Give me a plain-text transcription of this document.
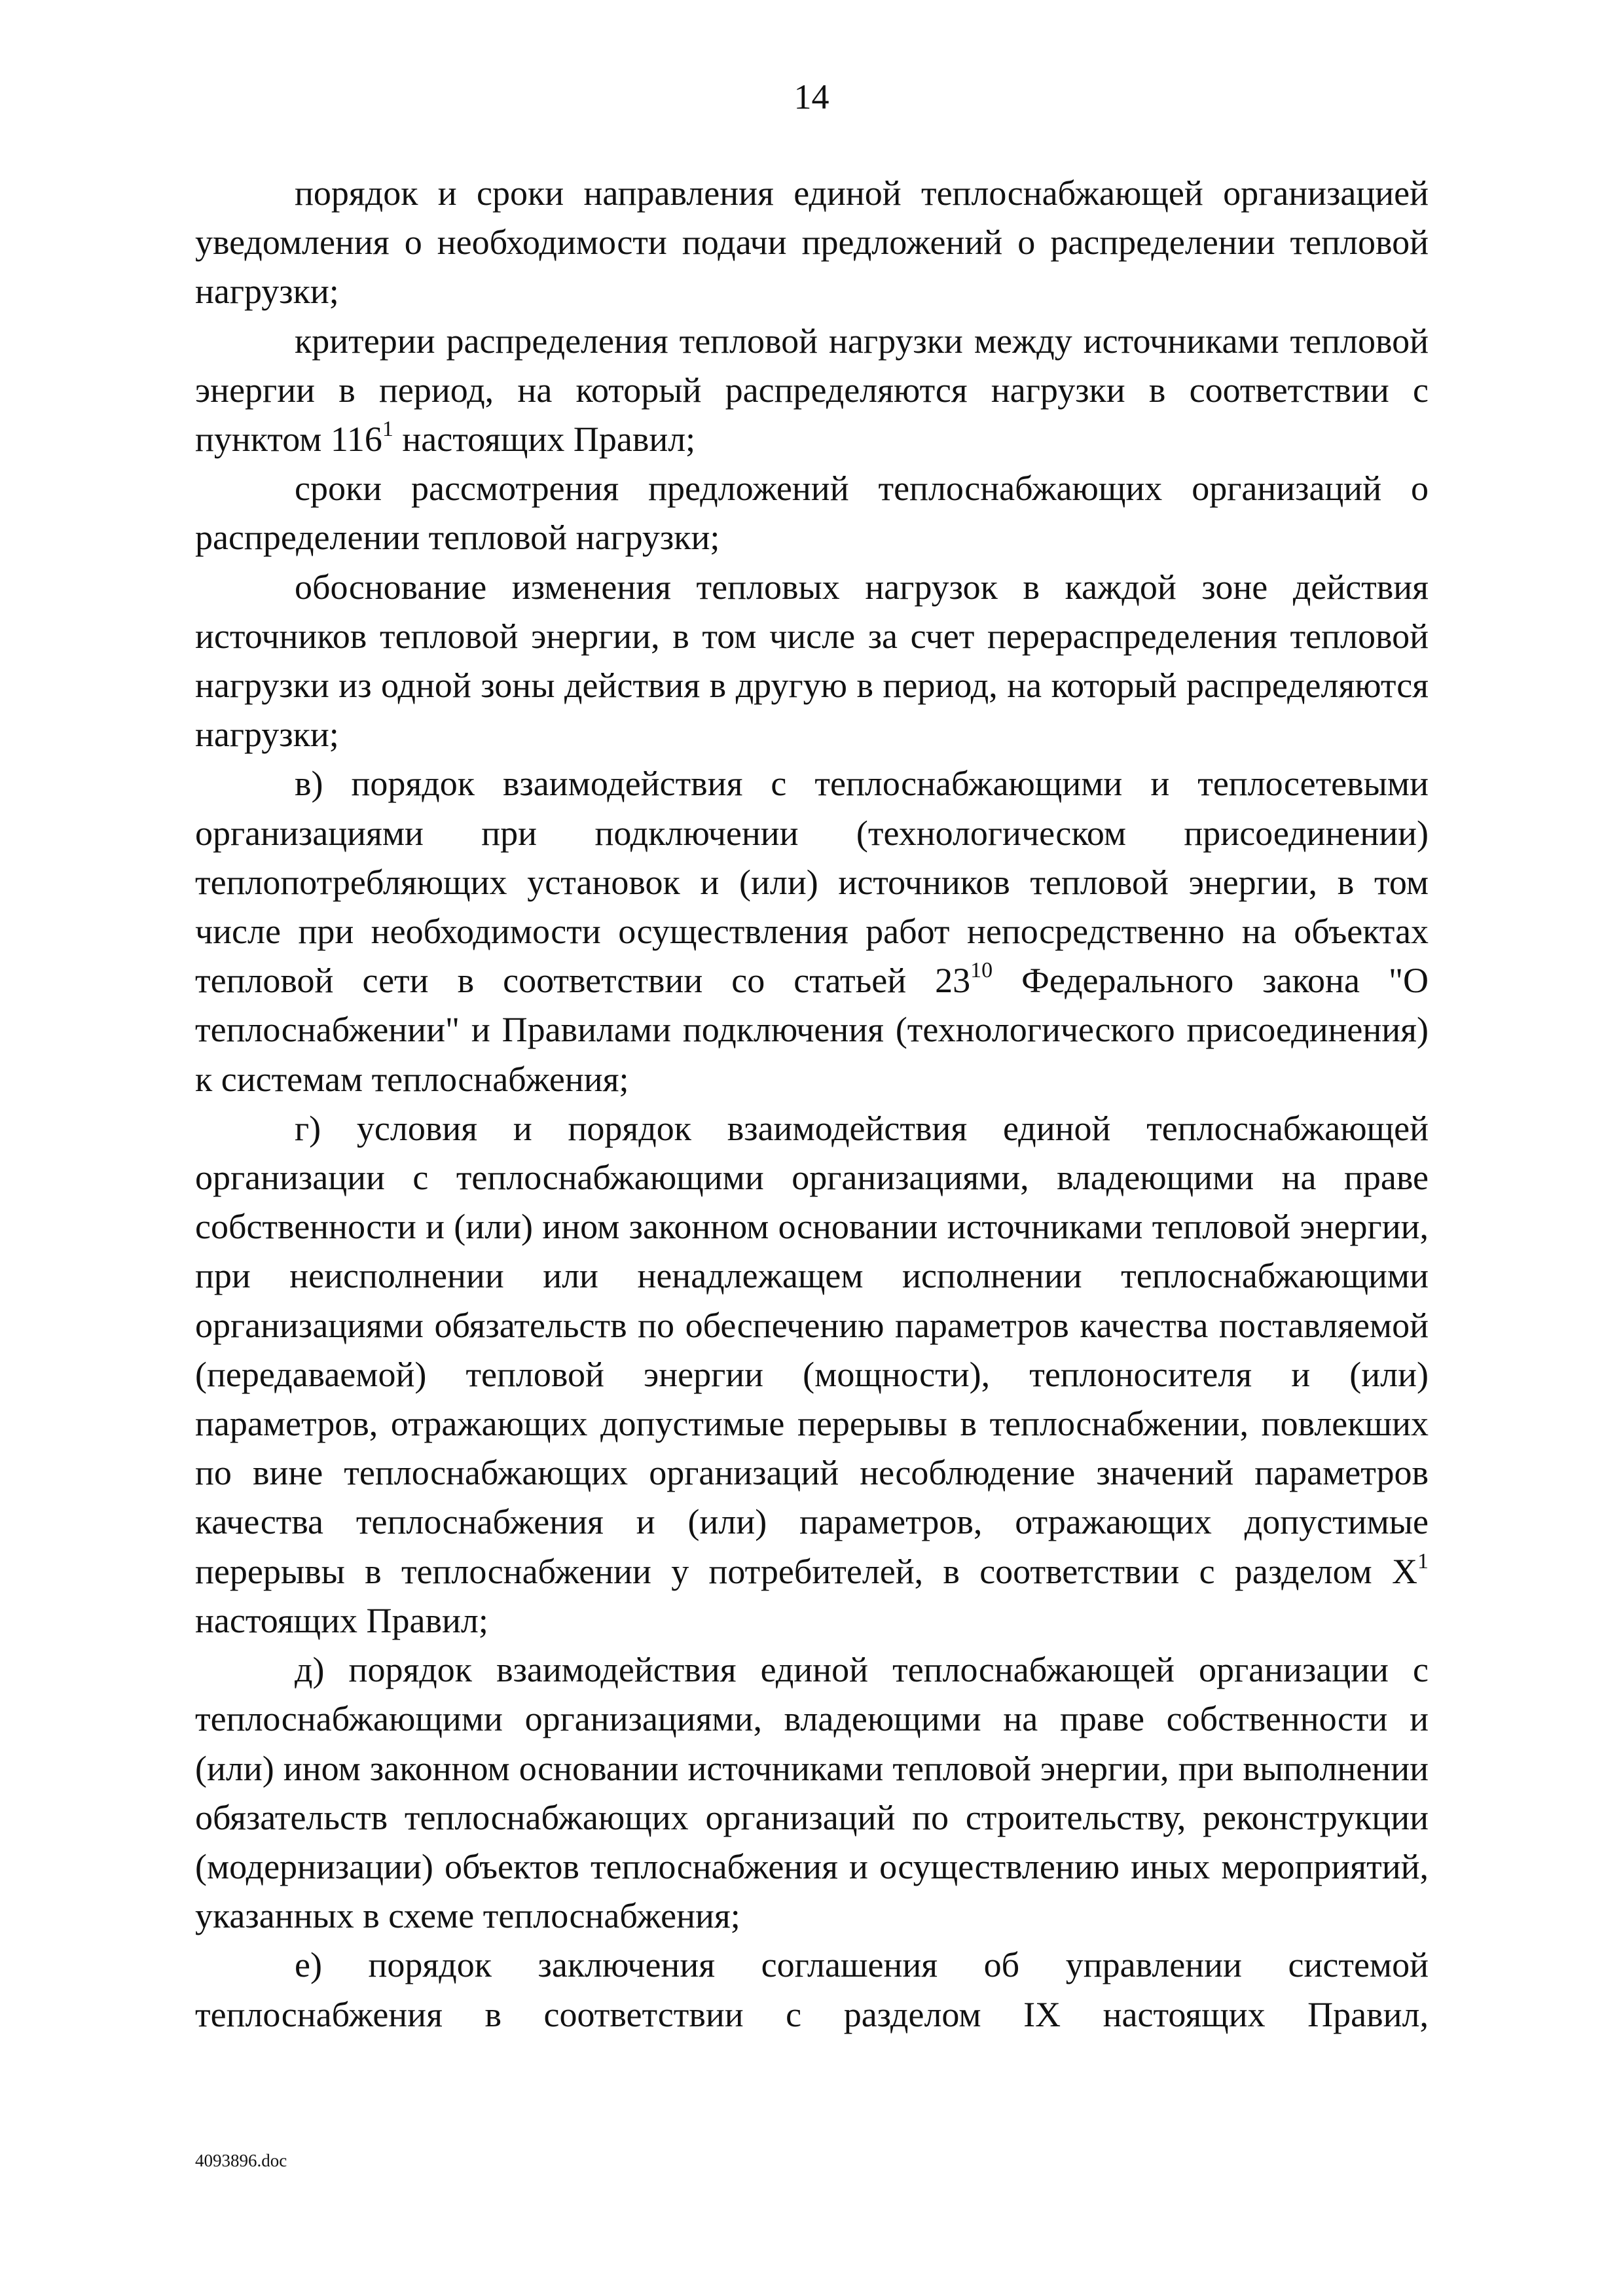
14

порядок и сроки направления единой теплоснабжающей организацией уведомления о необходимости подачи предложений о распределении тепловой нагрузки;

критерии распределения тепловой нагрузки между источниками тепловой энергии в период, на который распределяются нагрузки в соответствии с пунктом $116^1$ настоящих Правил;

сроки рассмотрения предложений теплоснабжающих организаций о распределении тепловой нагрузки;

обоснование изменения тепловых нагрузок в каждой зоне действия источников тепловой энергии, в том числе за счет перераспределения тепловой нагрузки из одной зоны действия в другую в период, на который распределяются нагрузки;

в) порядок взаимодействия с теплоснабжающими и теплосетевыми организациями при подключении (технологическом присоединении) теплопотребляющих установок и (или) источников тепловой энергии, в том числе при необходимости осуществления работ непосредственно на объектах тепловой сети в соответствии со статьей $23^{10}$ Федерального закона "О теплоснабжении" и Правилами подключения (технологического присоединения) к системам теплоснабжения;

г) условия и порядок взаимодействия единой теплоснабжающей организации с теплоснабжающими организациями, владеющими на праве собственности и (или) ином законном основании источниками тепловой энергии, при неисполнении или ненадлежащем исполнении теплоснабжающими организациями обязательств по обеспечению параметров качества поставляемой (передаваемой) тепловой энергии (мощности), теплоносителя и (или) параметров, отражающих допустимые перерывы в теплоснабжении, повлекших по вине теплоснабжающих организаций несоблюдение значений параметров качества теплоснабжения и (или) параметров, отражающих допустимые перерывы в теплоснабжении у потребителей, в соответствии с разделом $X^1$ настоящих Правил;

д) порядок взаимодействия единой теплоснабжающей организации с теплоснабжающими организациями, владеющими на праве собственности и (или) ином законном основании источниками тепловой энергии, при выполнении обязательств теплоснабжающих организаций по строительству, реконструкции (модернизации) объектов теплоснабжения и осуществлению иных мероприятий, указанных в схеме теплоснабжения;

е) порядок заключения соглашения об управлении системой теплоснабжения в соответствии с разделом IX настоящих Правил,

4093896.doc
